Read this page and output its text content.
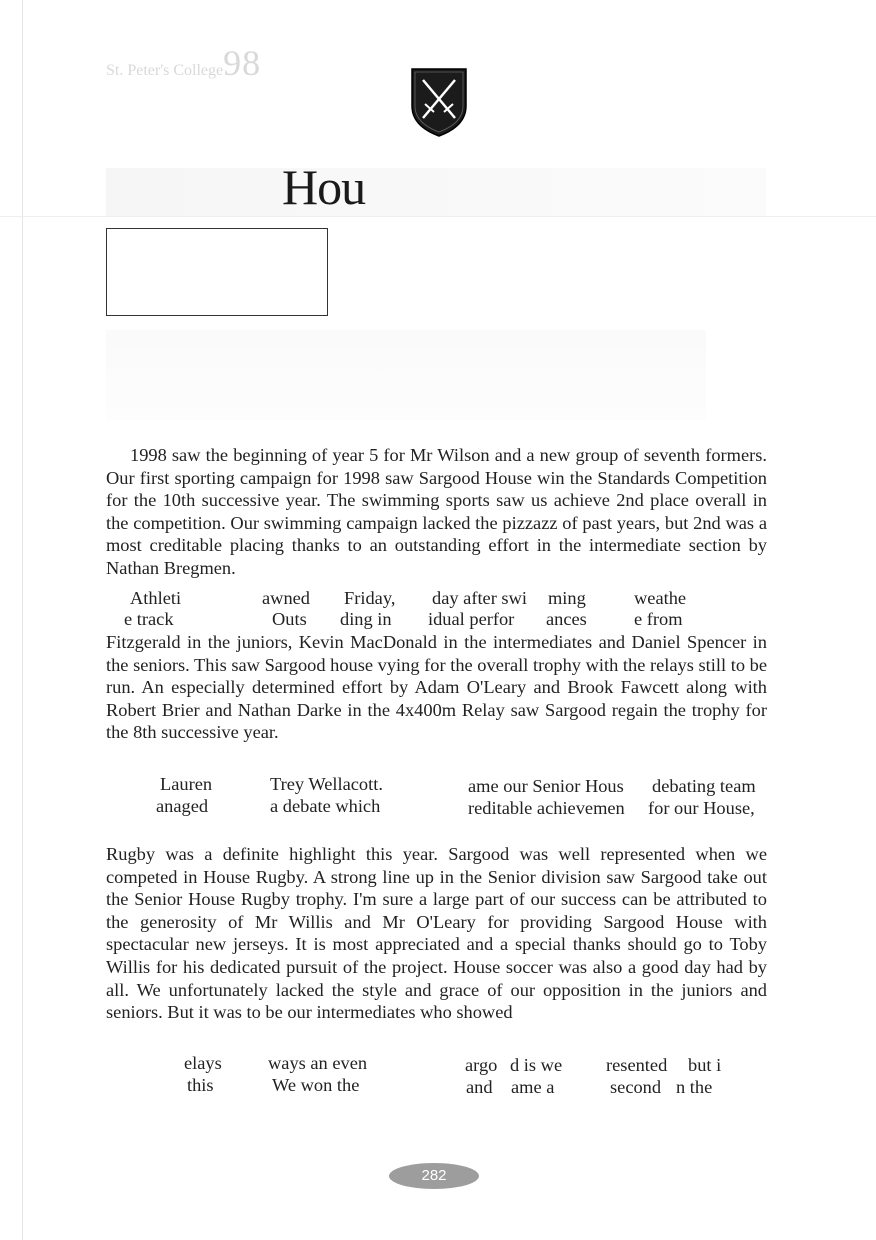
St. Peter's College98
Hou

1998 saw the beginning of year 5 for Mr Wilson and a new group of seventh formers. Our first sporting campaign for 1998 saw Sargood House win the Standards Competition for the 10th successive year. The swimming sports saw us achieve 2nd place overall in the competition. Our swimming campaign lacked the pizzazz of past years, but 2nd was a most creditable placing thanks to an outstanding effort in the intermediate section by Nathan Bregmen.

Athleti	awned Friday, day after swi ming	weathe
e track	Outs ding in idual perfor ances	e from

Fitzgerald in the juniors, Kevin MacDonald in the intermediates and Daniel Spencer in the seniors. This saw Sargood house vying for the overall trophy with the relays still to be run. An especially determined effort by Adam O'Leary and Brook Fawcett along with Robert Brier and Nathan Darke in the 4x400m Relay saw Sargood regain the trophy for the 8th successive year.

Lauren	Trey Wellacott.	ame our Senior Hous debating team
anaged	a debate which	reditable achievemen for our House,

Rugby was a definite highlight this year. Sargood was well represented when we competed in House Rugby. A strong line up in the Senior division saw Sargood take out the Senior House Rugby trophy. I'm sure a large part of our success can be attributed to the generosity of Mr Willis and Mr O'Leary for providing Sargood House with spectacular new jerseys. It is most appreciated and a special thanks should go to Toby Willis for his dedicated pursuit of the project. House soccer was also a good day had by all. We unfortunately lacked the style and grace of our opposition in the juniors and seniors. But it was to be our intermediates who showed

elays	ways an even	argo d is we resented but i
this	We won the	and ame a	second n the
282
